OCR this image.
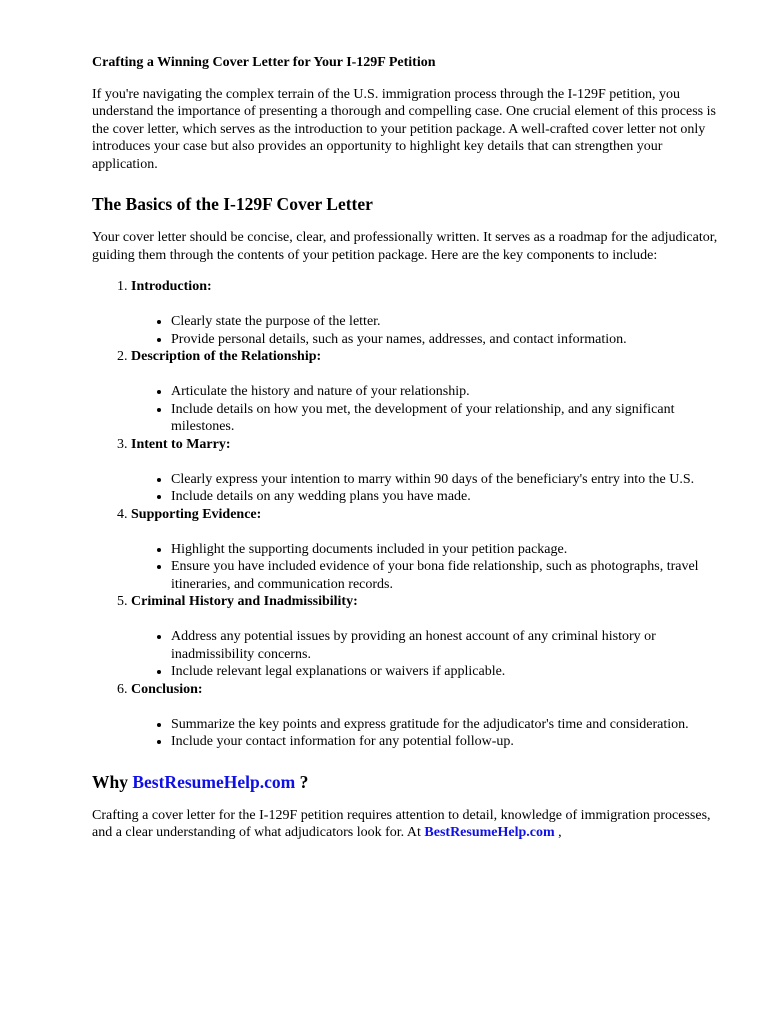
Crafting a Winning Cover Letter for Your I-129F Petition

If you're navigating the complex terrain of the U.S. immigration process through the I-129F petition, you understand the importance of presenting a thorough and compelling case. One crucial element of this process is the cover letter, which serves as the introduction to your petition package. A well-crafted cover letter not only introduces your case but also provides an opportunity to highlight key details that can strengthen your application.

The Basics of the I-129F Cover Letter

Your cover letter should be concise, clear, and professionally written. It serves as a roadmap for the adjudicator, guiding them through the contents of your petition package. Here are the key components to include:

1. Introduction:

• Clearly state the purpose of the letter.
• Provide personal details, such as your names, addresses, and contact information.

2. Description of the Relationship:

• Articulate the history and nature of your relationship.
• Include details on how you met, the development of your relationship, and any significant milestones.

3. Intent to Marry:

• Clearly express your intention to marry within 90 days of the beneficiary's entry into the U.S.
• Include details on any wedding plans you have made.

4. Supporting Evidence:

• Highlight the supporting documents included in your petition package.
• Ensure you have included evidence of your bona fide relationship, such as photographs, travel itineraries, and communication records.

5. Criminal History and Inadmissibility:

• Address any potential issues by providing an honest account of any criminal history or inadmissibility concerns.
• Include relevant legal explanations or waivers if applicable.

6. Conclusion:

• Summarize the key points and express gratitude for the adjudicator's time and consideration.
• Include your contact information for any potential follow-up.
Why BestResumeHelp.com ?

Crafting a cover letter for the I-129F petition requires attention to detail, knowledge of immigration processes, and a clear understanding of what adjudicators look for. At BestResumeHelp.com ,
